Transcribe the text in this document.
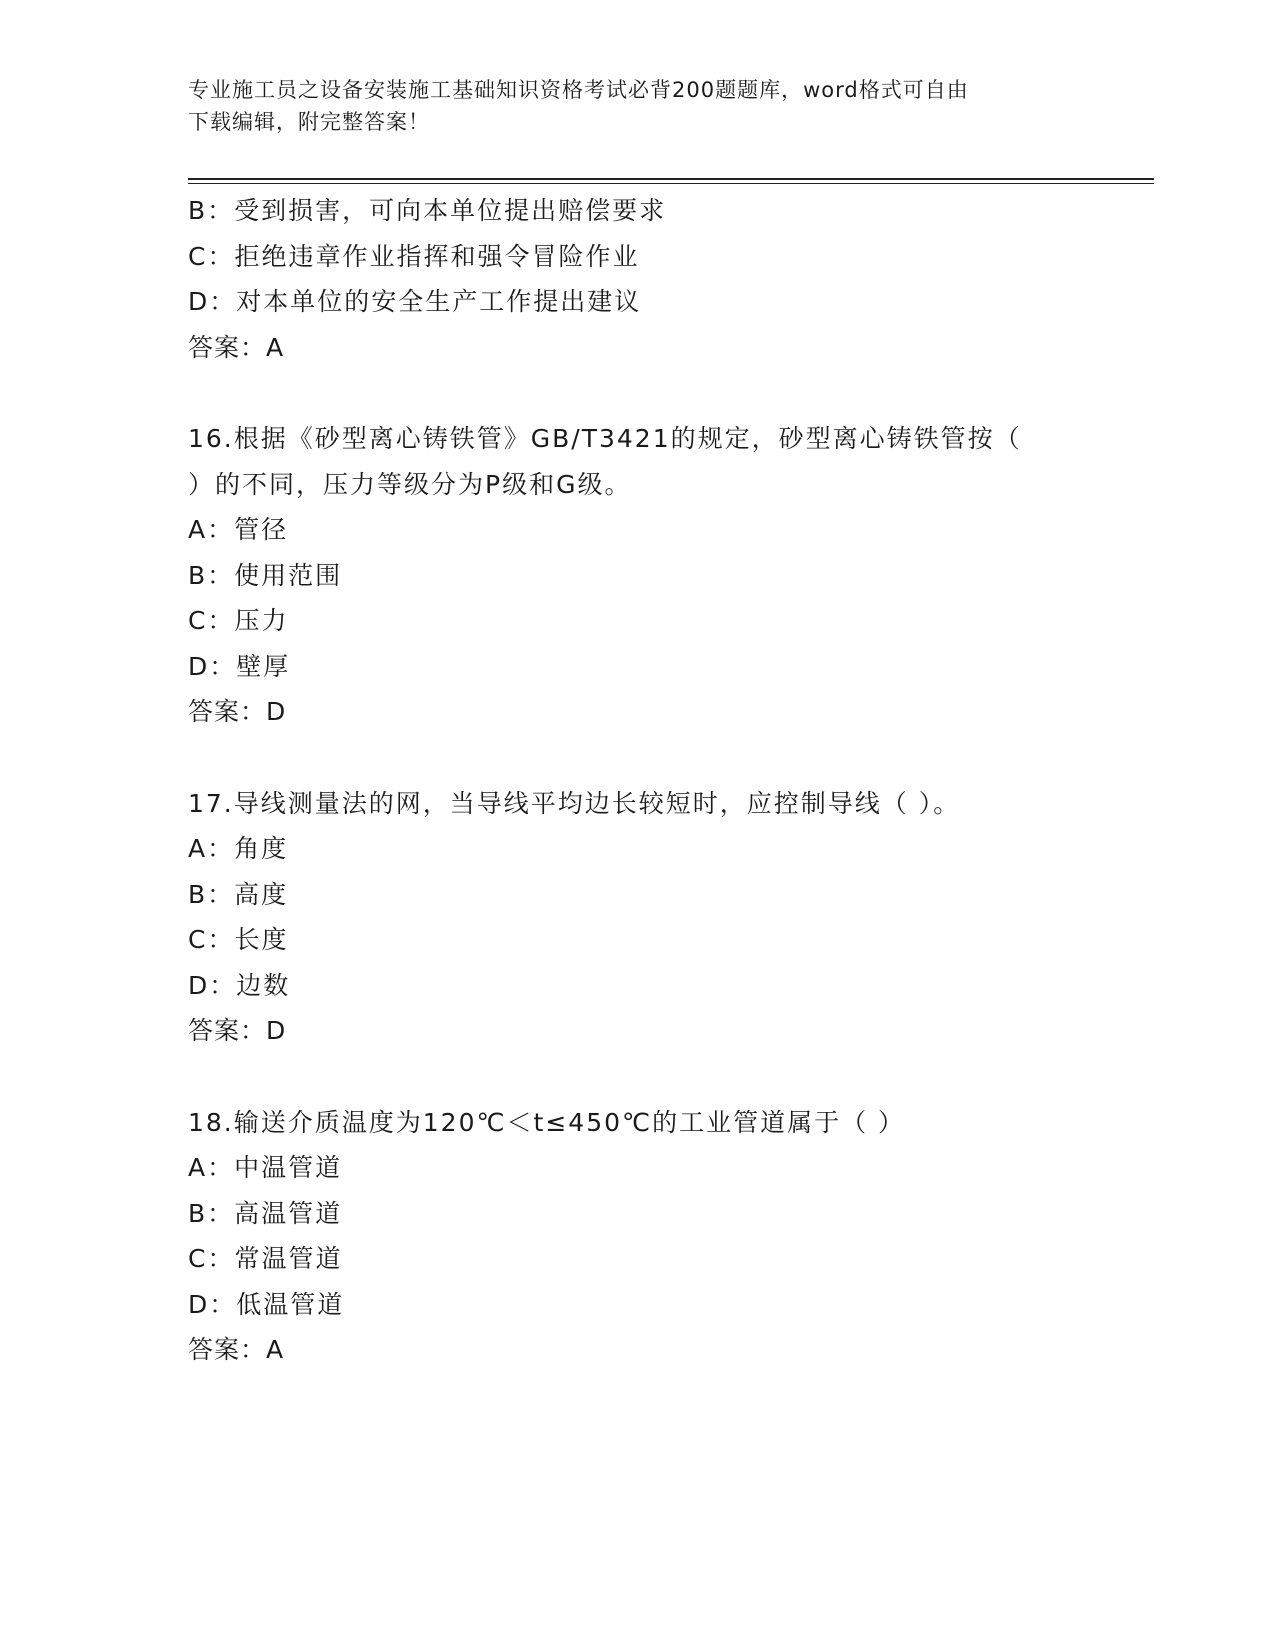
专业施工员之设备安装施工基础知识资格考试必背200题题库，word格式可自由
下载编辑，附完整答案！
B：受到损害，可向本单位提出赔偿要求
C：拒绝违章作业指挥和强令冒险作业
D：对本单位的安全生产工作提出建议
答案：A
16.根据《砂型离心铸铁管》GB/T3421的规定，砂型离心铸铁管按（
）的不同，压力等级分为P级和G级。
A：管径
B：使用范围
C：压力
D：壁厚
答案：D
17.导线测量法的网，当导线平均边长较短时，应控制导线（ ）。
A：角度
B：高度
C：长度
D：边数
答案：D
18.输送介质温度为120℃＜t≤450℃的工业管道属于（ ）
A：中温管道
B：高温管道
C：常温管道
D：低温管道
答案：A
